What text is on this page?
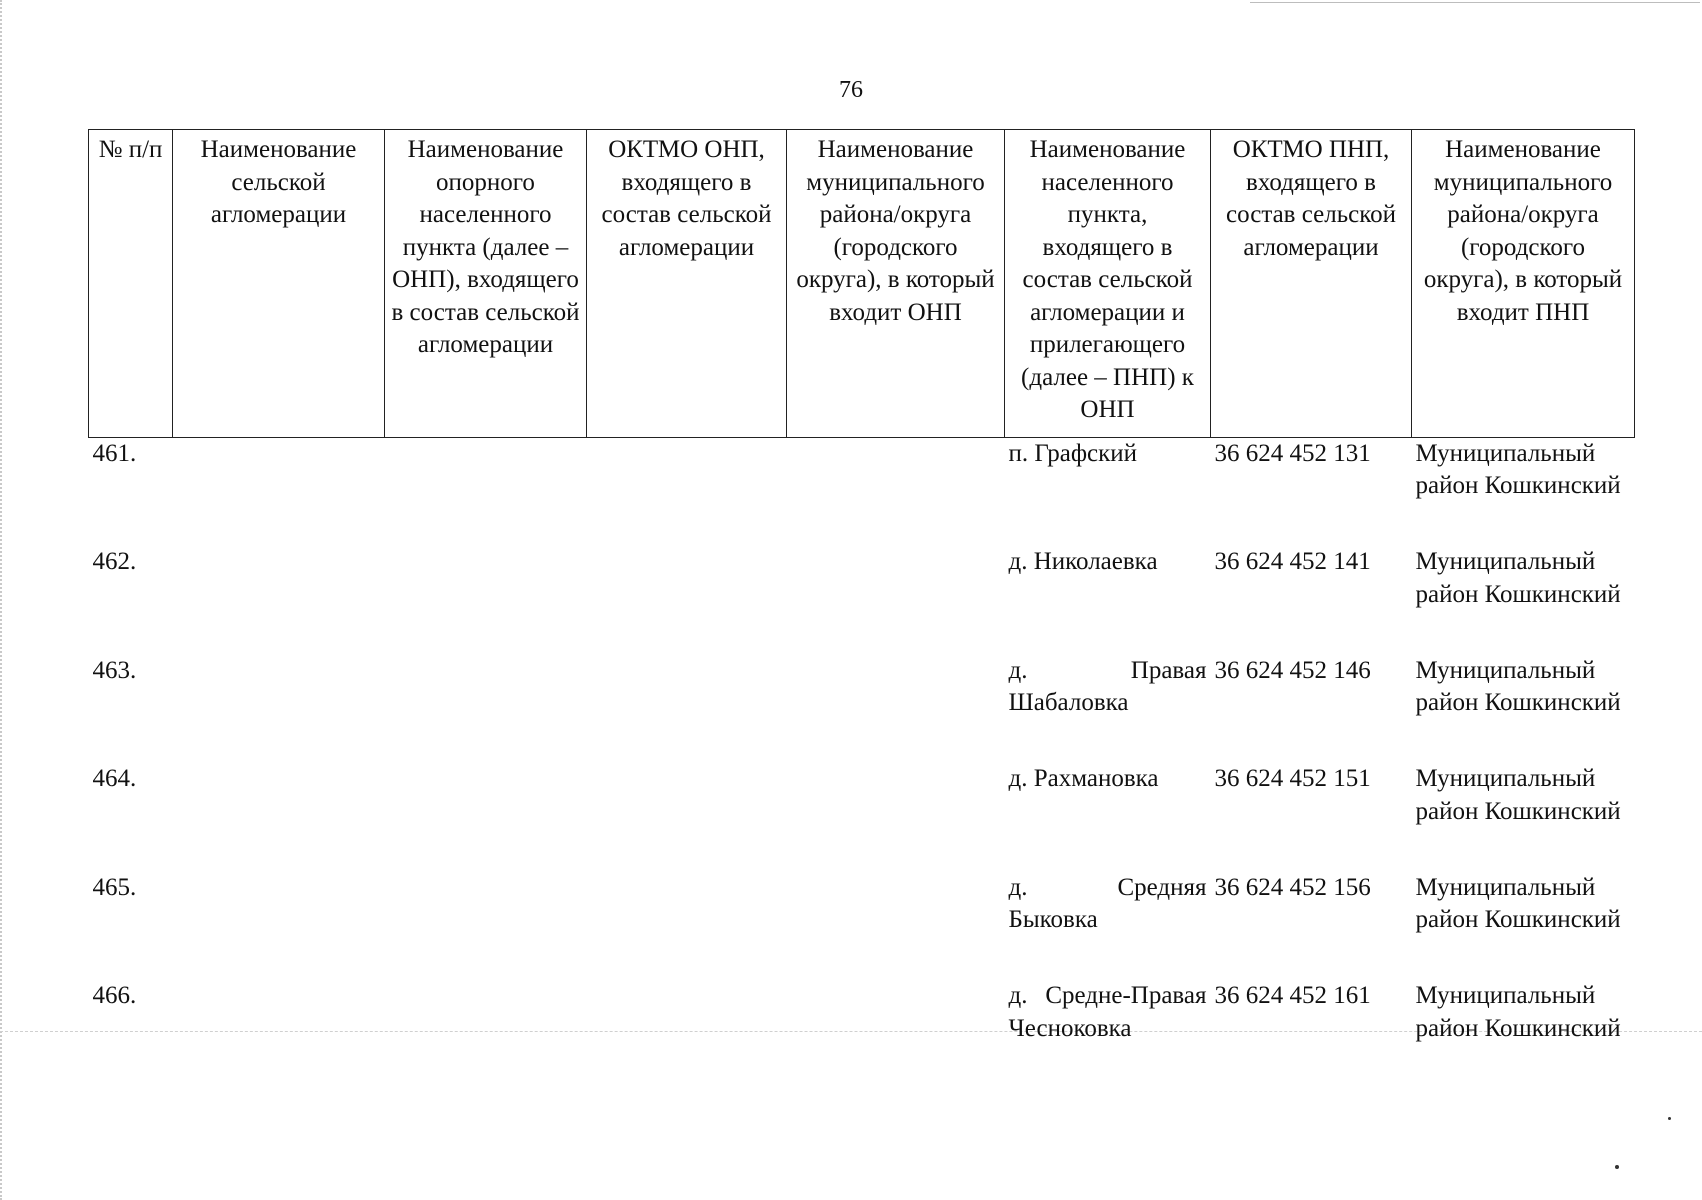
76
№ п/п	Наименование сельской агломерации	Наименование опорного населенного пункта (далее – ОНП), входящего в состав сельской агломерации	ОКТМО ОНП, входящего в состав сельской агломерации	Наименование муниципального района/округа (городского округа), в который входит ОНП	Наименование населенного пункта, входящего в состав сельской агломерации и прилегающего (далее – ПНП) к ОНП	ОКТМО ПНП, входящего в состав сельской агломерации	Наименование муниципального района/округа (городского округа), в который входит ПНП
461.					п. Графский	36 624 452 131	Муниципальный район Кошкинский
462.					д. Николаевка	36 624 452 141	Муниципальный район Кошкинский
463.					д. Правая Шабаловка	36 624 452 146	Муниципальный район Кошкинский
464.					д. Рахмановка	36 624 452 151	Муниципальный район Кошкинский
465.					д. Средняя Быковка	36 624 452 156	Муниципальный район Кошкинский
466.					д. Средне-Правая Чесноковка	36 624 452 161	Муниципальный район Кошкинский
